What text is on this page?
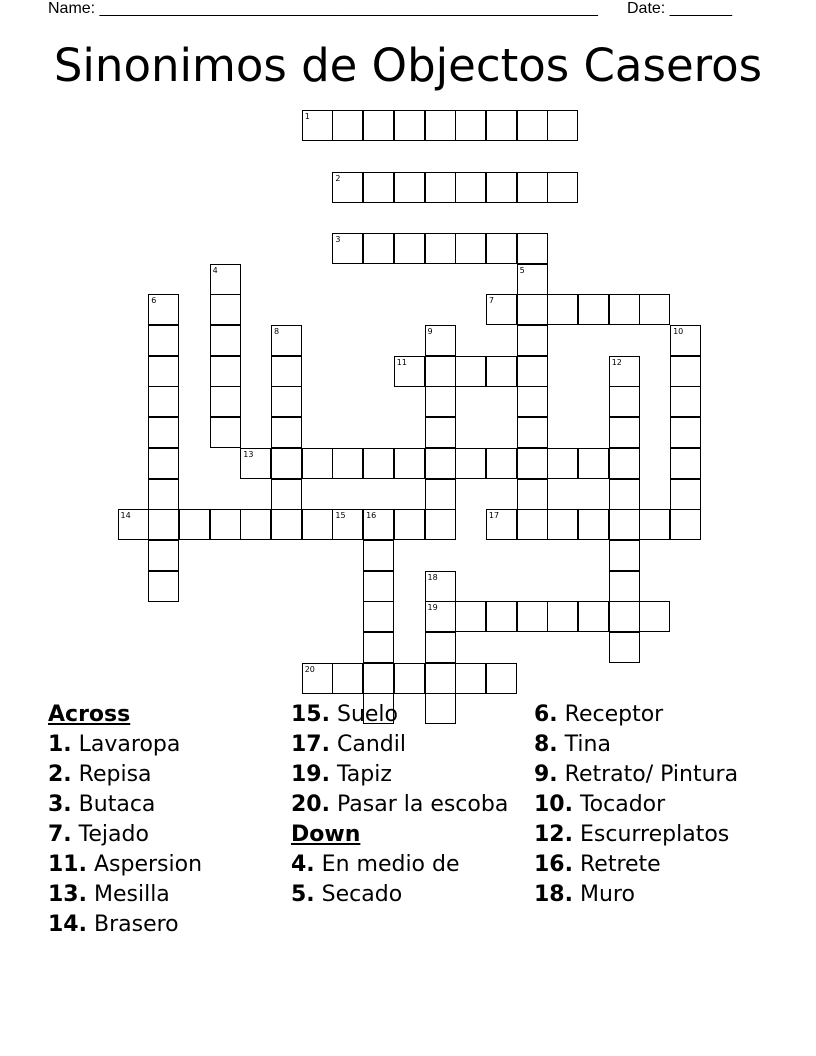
Name: ________________________________________________________ Date: _______
Sinonimos de Objectos Caseros
1
2
3
4	5
6	7
8	9	10
11	12
13
14	15	16	17
18
19
20
Across
1. Lavaropa
2. Repisa
3. Butaca
7. Tejado
11. Aspersion
13. Mesilla
14. Brasero
15. Suelo
17. Candil
19. Tapiz
20. Pasar la escoba
Down
4. En medio de
5. Secado
6. Receptor
8. Tina
9. Retrato/ Pintura
10. Tocador
12. Escurreplatos
16. Retrete
18. Muro
